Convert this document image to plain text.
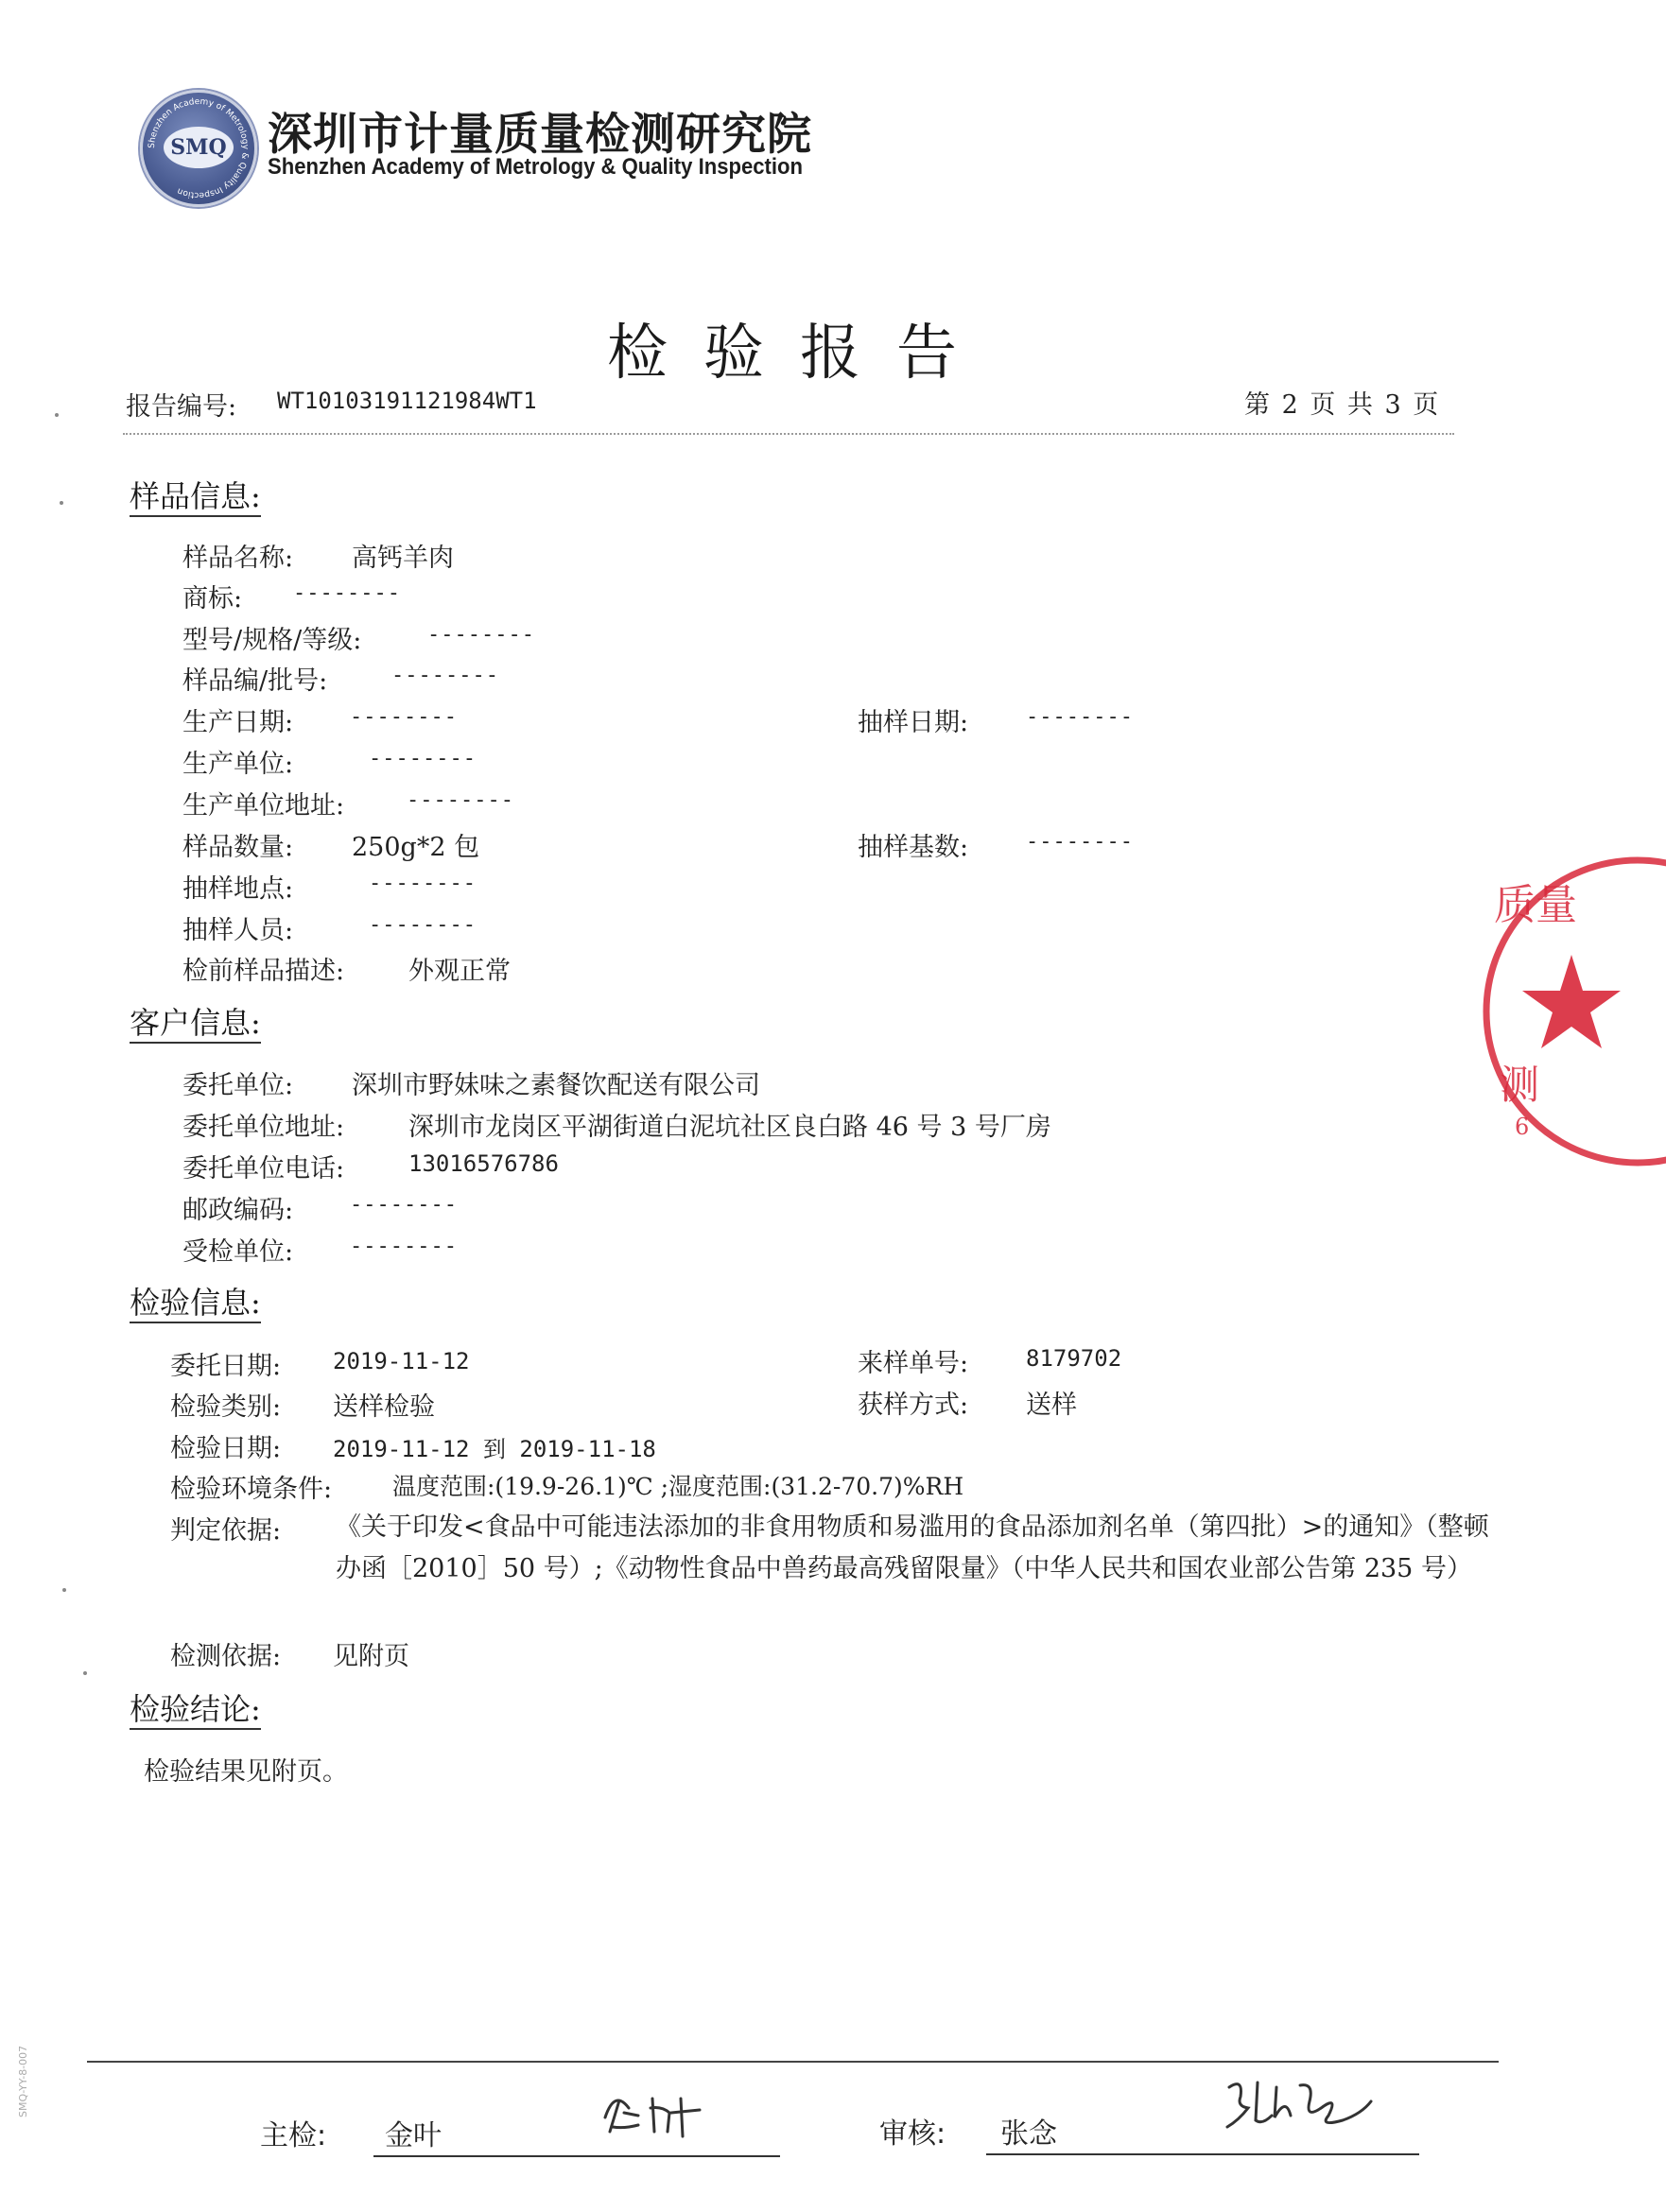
Shenzhen Academy of Metrology & Quality Inspection
SMQ 深圳市计量质量检测研究院
Shenzhen Academy of Metrology & Quality Inspection
检验报告
报告编号: WT10103191121984WT1	第 2 页 共 3 页
样品信息:
样品名称: 高钙羊肉
商标: --------
型号/规格/等级:	--------
样品编/批号:	--------
生产日期:	--------	抽样日期:	--------
生产单位:	--------
生产单位地址:	--------
样品数量: 250g*2 包	抽样基数:	--------
抽样地点:	--------
抽样人员:	--------
检前样品描述:	外观正常
客户信息:
委托单位: 深圳市野妹味之素餐饮配送有限公司
委托单位地址:	深圳市龙岗区平湖街道白泥坑社区良白路 46 号 3 号厂房
委托单位电话:	13016576786
邮政编码:	--------
受检单位:	--------
检验信息:
委托日期: 2019-11-12	来样单号:	8179702
检验类别: 送样检验	获样方式: 送样
检验日期: 2019-11-12 到 2019-11-18
检验环境条件:	温度范围:(19.9-26.1)℃ ;湿度范围:(31.2-70.7)%RH
判定依据: 《关于印发<食品中可能违法添加的非食用物质和易滥用的食品添加剂名单（第四批）>的通知》（整顿办函［2010］50 号）;《动物性食品中兽药最高残留限量》（中华人民共和国农业部公告第 235 号）
检测依据: 见附页
检验结论:
检验结果见附页。
质量
测
6
主检: 金叶	审核: 张念
SMQ-YY-8-007
